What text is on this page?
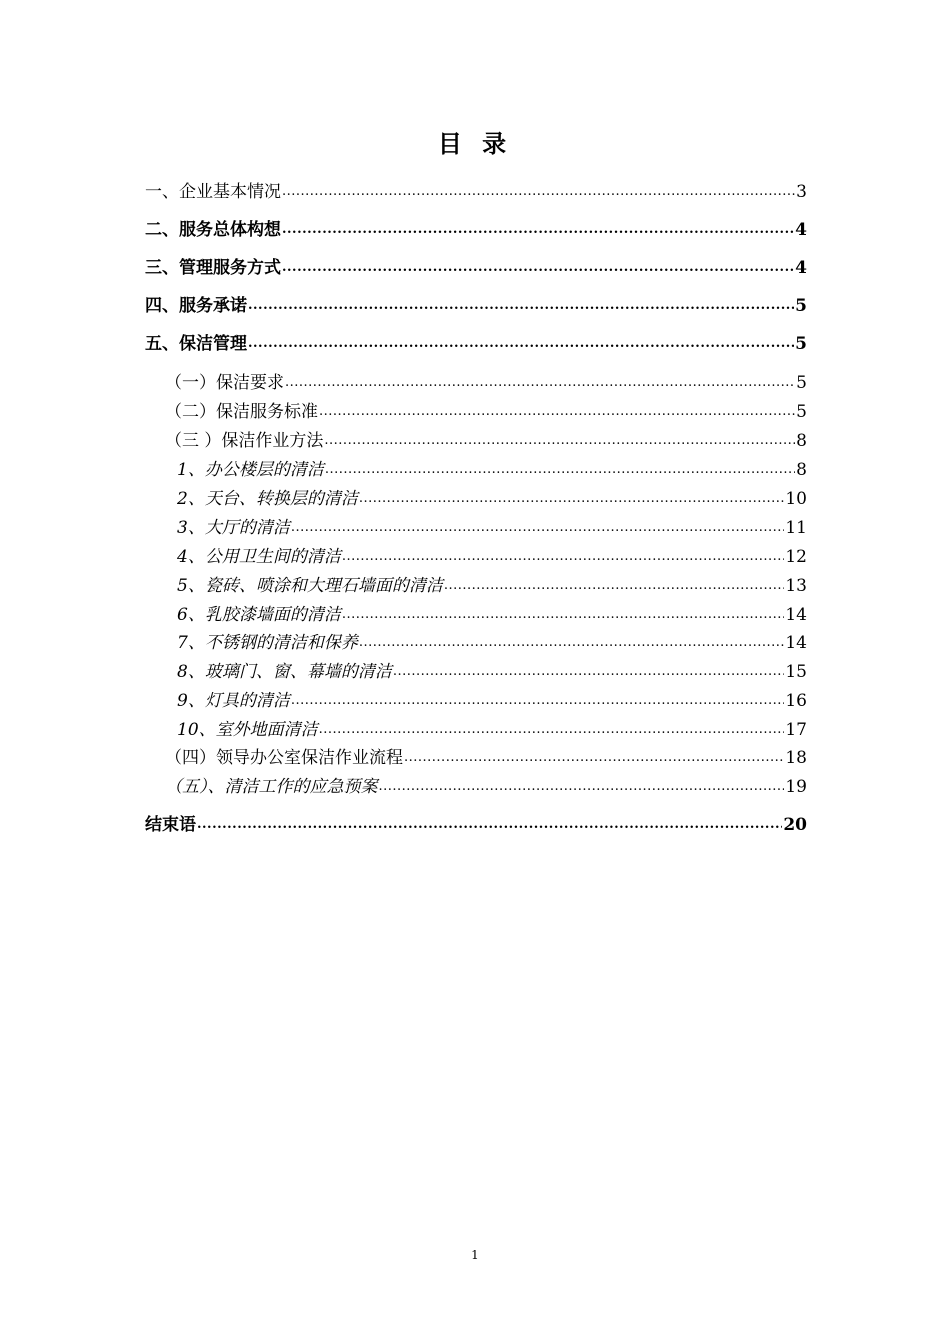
目 录
一、企业基本情况 .....	3
二、服务总体构想 .....	4
三、管理服务方式 .....	4
四、服务承诺 .....	5
五、保洁管理 .....	5
（一）保洁要求 .....	5
（二）保洁服务标准 .....	5
（三 ）保洁作业方法 .....	8
1、办公楼层的清洁 .....	8
2、天台、转换层的清洁 .....	10
3、大厅的清洁 .....	11
4、公用卫生间的清洁 .....	12
5、瓷砖、喷涂和大理石墙面的清洁 .....	13
6、乳胶漆墙面的清洁 .....	14
7、不锈钢的清洁和保养 .....	14
8、玻璃门、窗、幕墙的清洁 .....	15
9、灯具的清洁 .....	16
10、室外地面清洁 .....	17
（四）领导办公室保洁作业流程 .....	18
（五）、清洁工作的应急预案 .....	19
结束语 .....	20
1
